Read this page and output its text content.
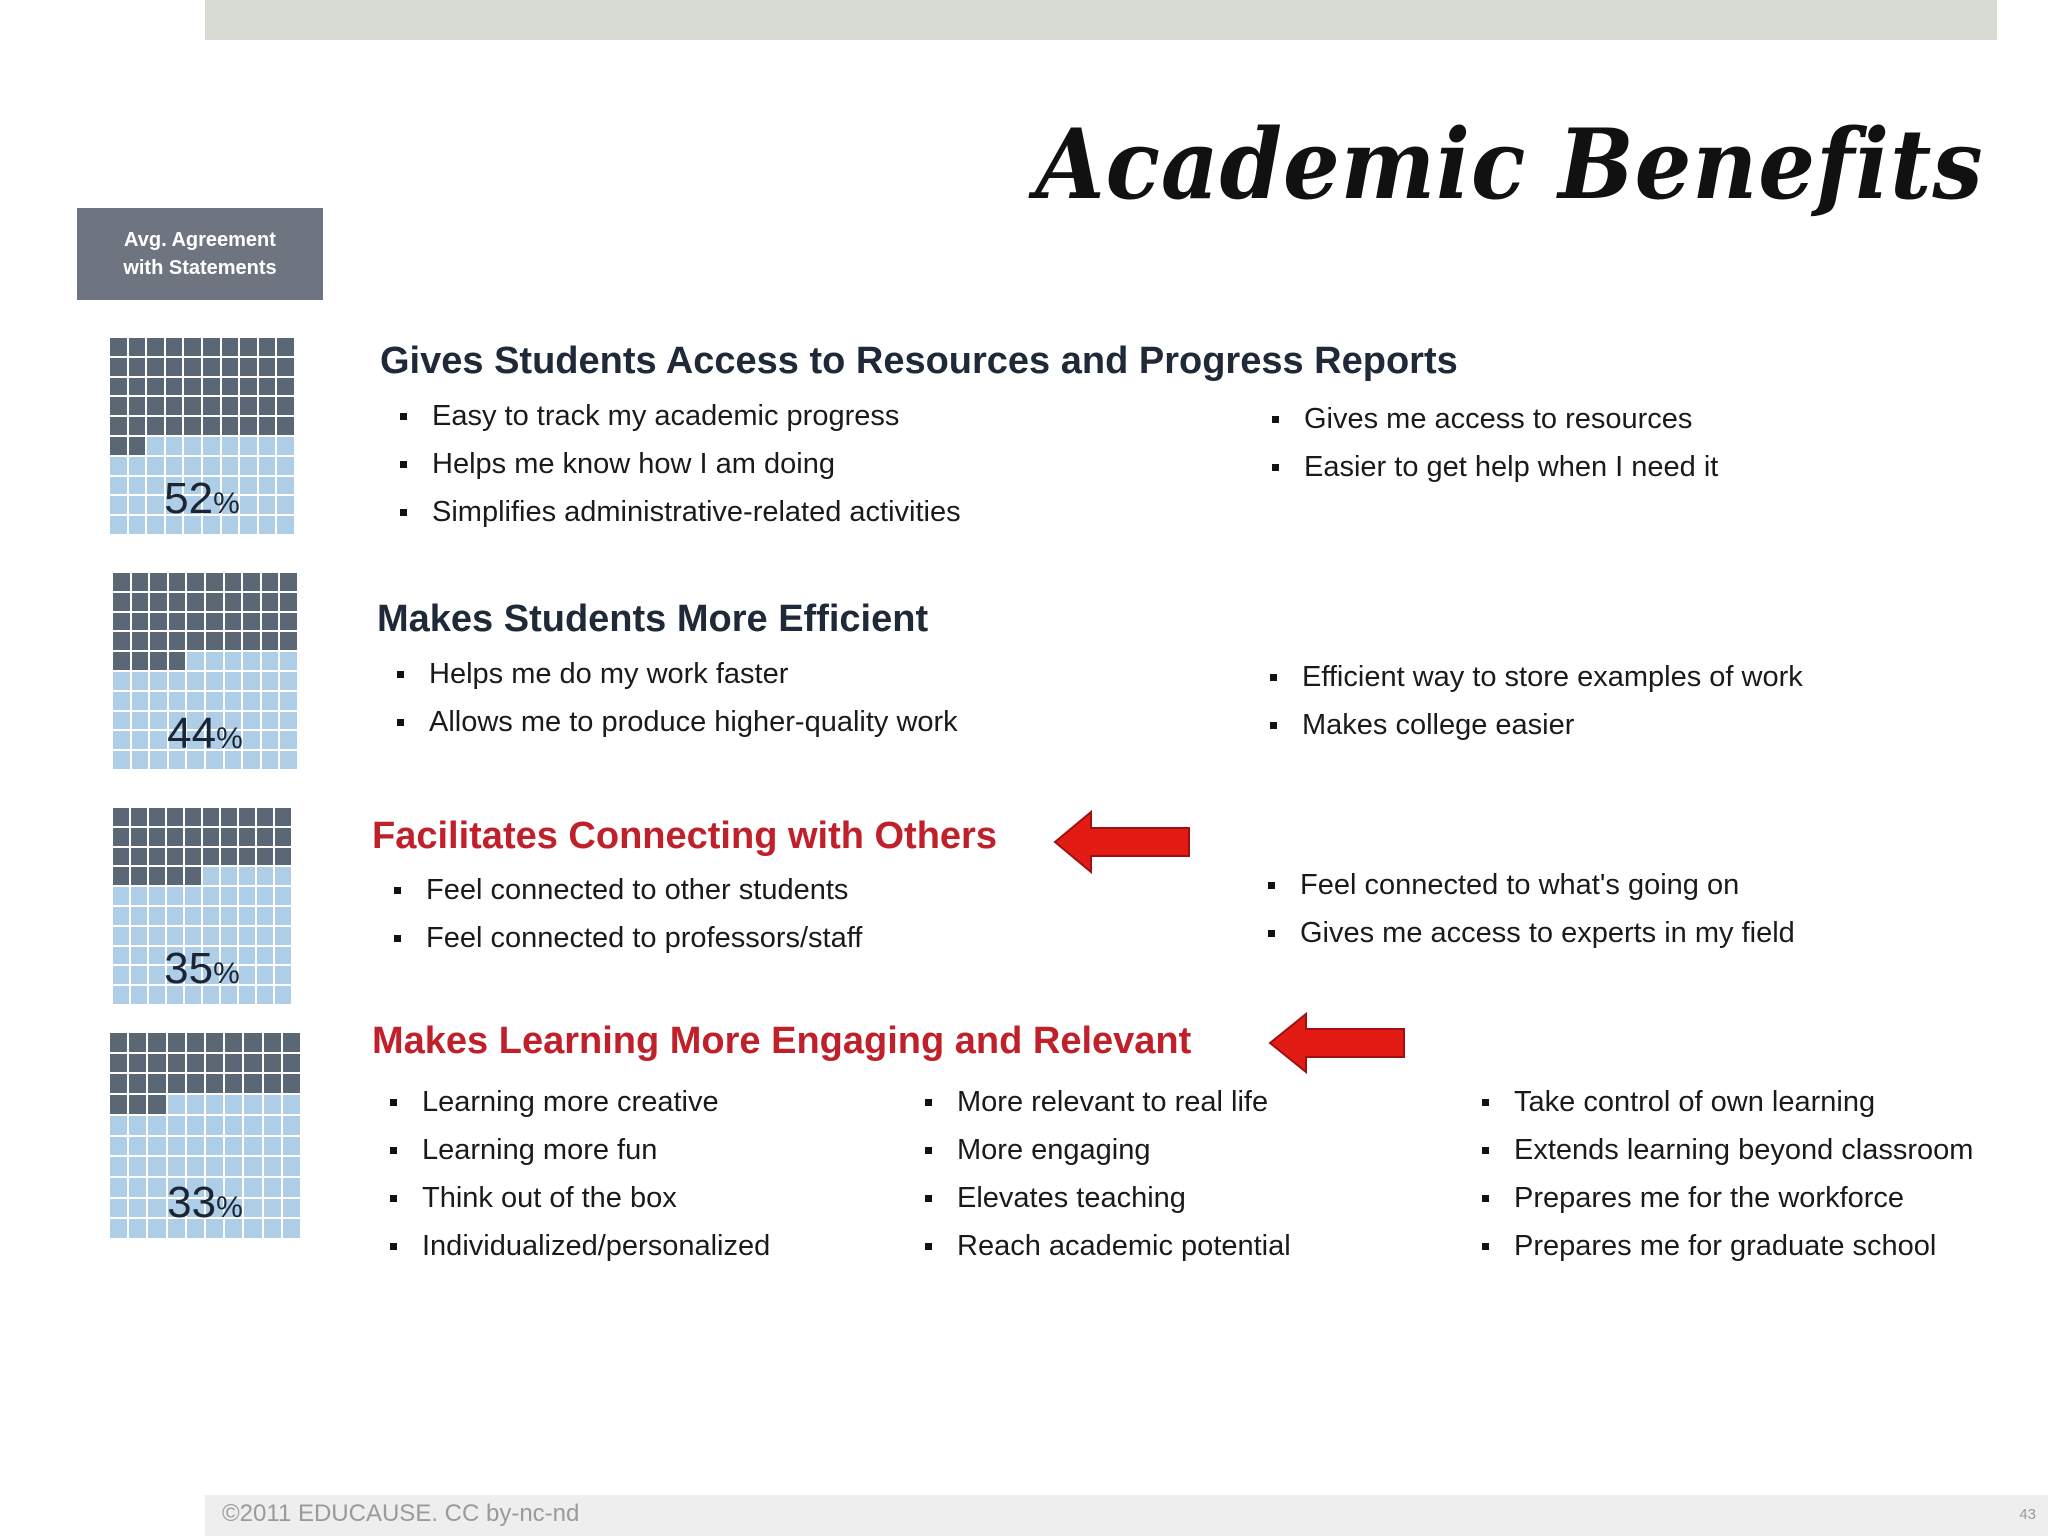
Academic Benefits
Avg. Agreement
with Statements
52%
Gives Students Access to Resources and Progress Reports
Easy to track my academic progress
Helps me know how I am doing
Simplifies administrative-related activities
Gives me access to resources
Easier to get help when I need it
44%
Makes Students More Efficient
Helps me do my work faster
Allows me to produce higher-quality work
Efficient way to store examples of work
Makes college easier
35%
Facilitates Connecting with Others
Feel connected to other students
Feel connected to professors/staff
Feel connected to what's going on
Gives me access to experts in my field
33%
Makes Learning More Engaging and Relevant
Learning more creative
Learning more fun
Think out of the box
Individualized/personalized
More relevant to real life
More engaging
Elevates teaching
Reach academic potential
Take control of own learning
Extends learning beyond classroom
Prepares me for the workforce
Prepares me for graduate school
©2011 EDUCAUSE. CC by-nc-nd	43
